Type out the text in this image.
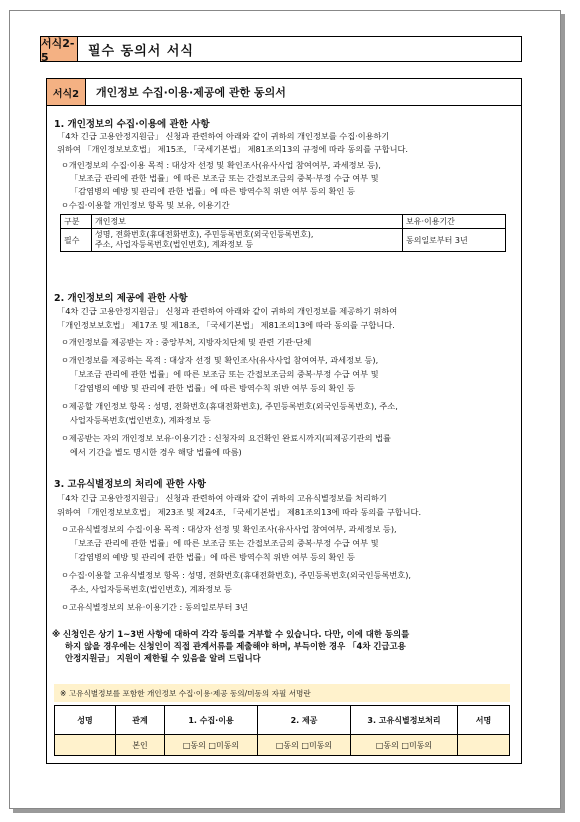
서식2-5	필수 동의서 서식
서식2	개인정보 수집·이용·제공에 관한 동의서
1. 개인정보의 수집·이용에 관한 사항
「4차 긴급 고용안정지원금」 신청과 관련하여 아래와 같이 귀하의 개인정보를 수집·이용하기
위하여 「개인정보보호법」 제15조, 「국세기본법」 제81조의13의 규정에 따라 동의를 구합니다.
ㅇ개인정보의 수집·이용 목적 : 대상자 선정 및 확인조사(유사사업 참여여부, 과세정보 등),
「보조금 관리에 관한 법률」에 따른 보조금 또는 간접보조금의 중복·부정 수급 여부 및
「감염병의 예방 및 관리에 관한 법률」에 따른 방역수칙 위반 여부 등의 확인 등
ㅇ수집·이용할 개인정보 항목 및 보유, 이용기간
구분	개인정보	보유·이용기간
필수	성명, 전화번호(휴대전화번호), 주민등록번호(외국인등록번호),
주소, 사업자등록번호(법인번호), 계좌정보 등	동의일로부터 3년
2. 개인정보의 제공에 관한 사항
「4차 긴급 고용안정지원금」 신청과 관련하여 아래와 같이 귀하의 개인정보를 제공하기 위하여
「개인정보보호법」 제17조 및 제18조, 「국세기본법」 제81조의13에 따라 동의를 구합니다.
ㅇ개인정보를 제공받는 자 : 중앙부처, 지방자치단체 및 관련 기관·단체
ㅇ개인정보를 제공하는 목적 : 대상자 선정 및 확인조사(유사사업 참여여부, 과세정보 등),
「보조금 관리에 관한 법률」에 따른 보조금 또는 간접보조금의 중복·부정 수급 여부 및
「감염병의 예방 및 관리에 관한 법률」에 따른 방역수칙 위반 여부 등의 확인 등
ㅇ제공할 개인정보 항목 : 성명, 전화번호(휴대전화번호), 주민등록번호(외국인등록번호), 주소,
사업자등록번호(법인번호), 계좌정보 등
ㅇ제공받는 자의 개인정보 보유·이용기간 : 신청자의 요건확인 완료시까지(피제공기관의 법률
에서 기간을 별도 명시한 경우 해당 법률에 따름)
3. 고유식별정보의 처리에 관한 사항
「4차 긴급 고용안정지원금」 신청과 관련하여 아래와 같이 귀하의 고유식별정보를 처리하기
위하여 「개인정보보호법」 제23조 및 제24조, 「국세기본법」 제81조의13에 따라 동의를 구합니다.
ㅇ고유식별정보의 수집·이용 목적 : 대상자 선정 및 확인조사(유사사업 참여여부, 과세정보 등),
「보조금 관리에 관한 법률」에 따른 보조금 또는 간접보조금의 중복·부정 수급 여부 및
「감염병의 예방 및 관리에 관한 법률」에 따른 방역수칙 위반 여부 등의 확인 등
ㅇ수집·이용할 고유식별정보 항목 : 성명, 전화번호(휴대전화번호), 주민등록번호(외국인등록번호),
주소, 사업자등록번호(법인번호), 계좌정보 등
ㅇ고유식별정보의 보유·이용기간 : 동의일로부터 3년
※ 신청인은 상기 1~3번 사항에 대하여 각각 동의를 거부할 수 있습니다. 다만, 이에 대한 동의를
하지 않을 경우에는 신청인이 직접 관계서류를 제출해야 하며, 부득이한 경우 「4차 긴급고용
안정지원금」 지원이 제한될 수 있음을 알려 드립니다
※ 고유식별정보를 포함한 개인정보 수집·이용·제공 동의/미동의 자필 서명란
성명	관계	1. 수집·이용	2. 제공	3. 고유식별정보처리	서명
	본인	□동의 □미동의	□동의 □미동의	□동의 □미동의	
